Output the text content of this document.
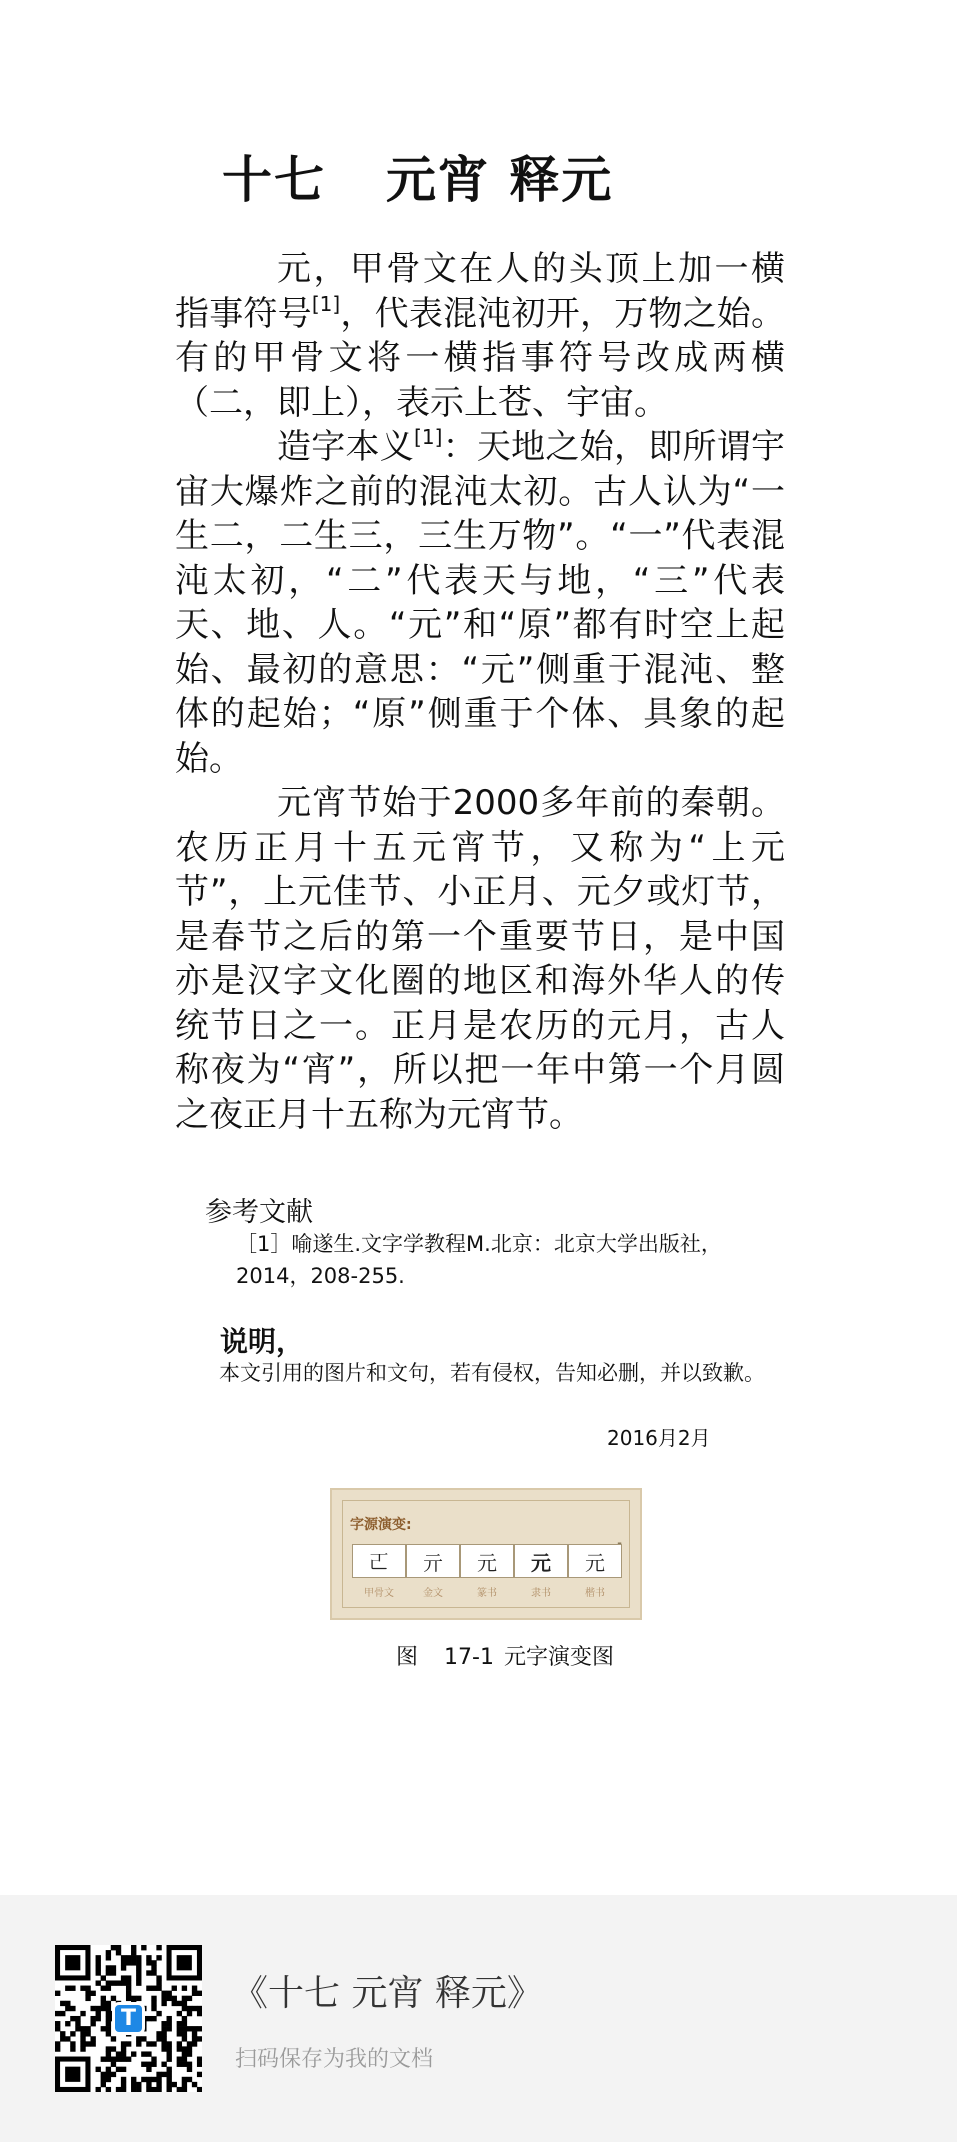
十七 元宵 释元

元，甲骨文在人的头顶上加一横指事符号[1]，代表混沌初开，万物之始。有的甲骨文将一横指事符号改成两横（二，即上），表示上苍、宇宙。

造字本义[1]：天地之始，即所谓宇宙大爆炸之前的混沌太初。古人认为“一生二，二生三，三生万物”。“一”代表混沌太初，“二”代表天与地，“三”代表天、地、人。“元”和“原”都有时空上起始、最初的意思：“元”侧重于混沌、整体的起始；“原”侧重于个体、具象的起始。

元宵节始于2000多年前的秦朝。农历正月十五元宵节，又称为“上元节”，上元佳节、小正月、元夕或灯节，是春节之后的第一个重要节日，是中国亦是汉字文化圈的地区和海外华人的传统节日之一。正月是农历的元月，古人称夜为“宵”，所以把一年中第一个月圆之夜正月十五称为元宵节。

参考文献
［1］喻遂生.文字学教程M.北京：北京大学出版社，2014，208-255.
说明，
本文引用的图片和文句，若有侵权，告知必删，并以致歉。
2016月2月
字源演变:
𠀀	亓	元	元	元
甲骨文	金文	篆书	隶书	楷书
图 17-1 元字演变图
T
《十七 元宵 释元》
扫码保存为我的文档
